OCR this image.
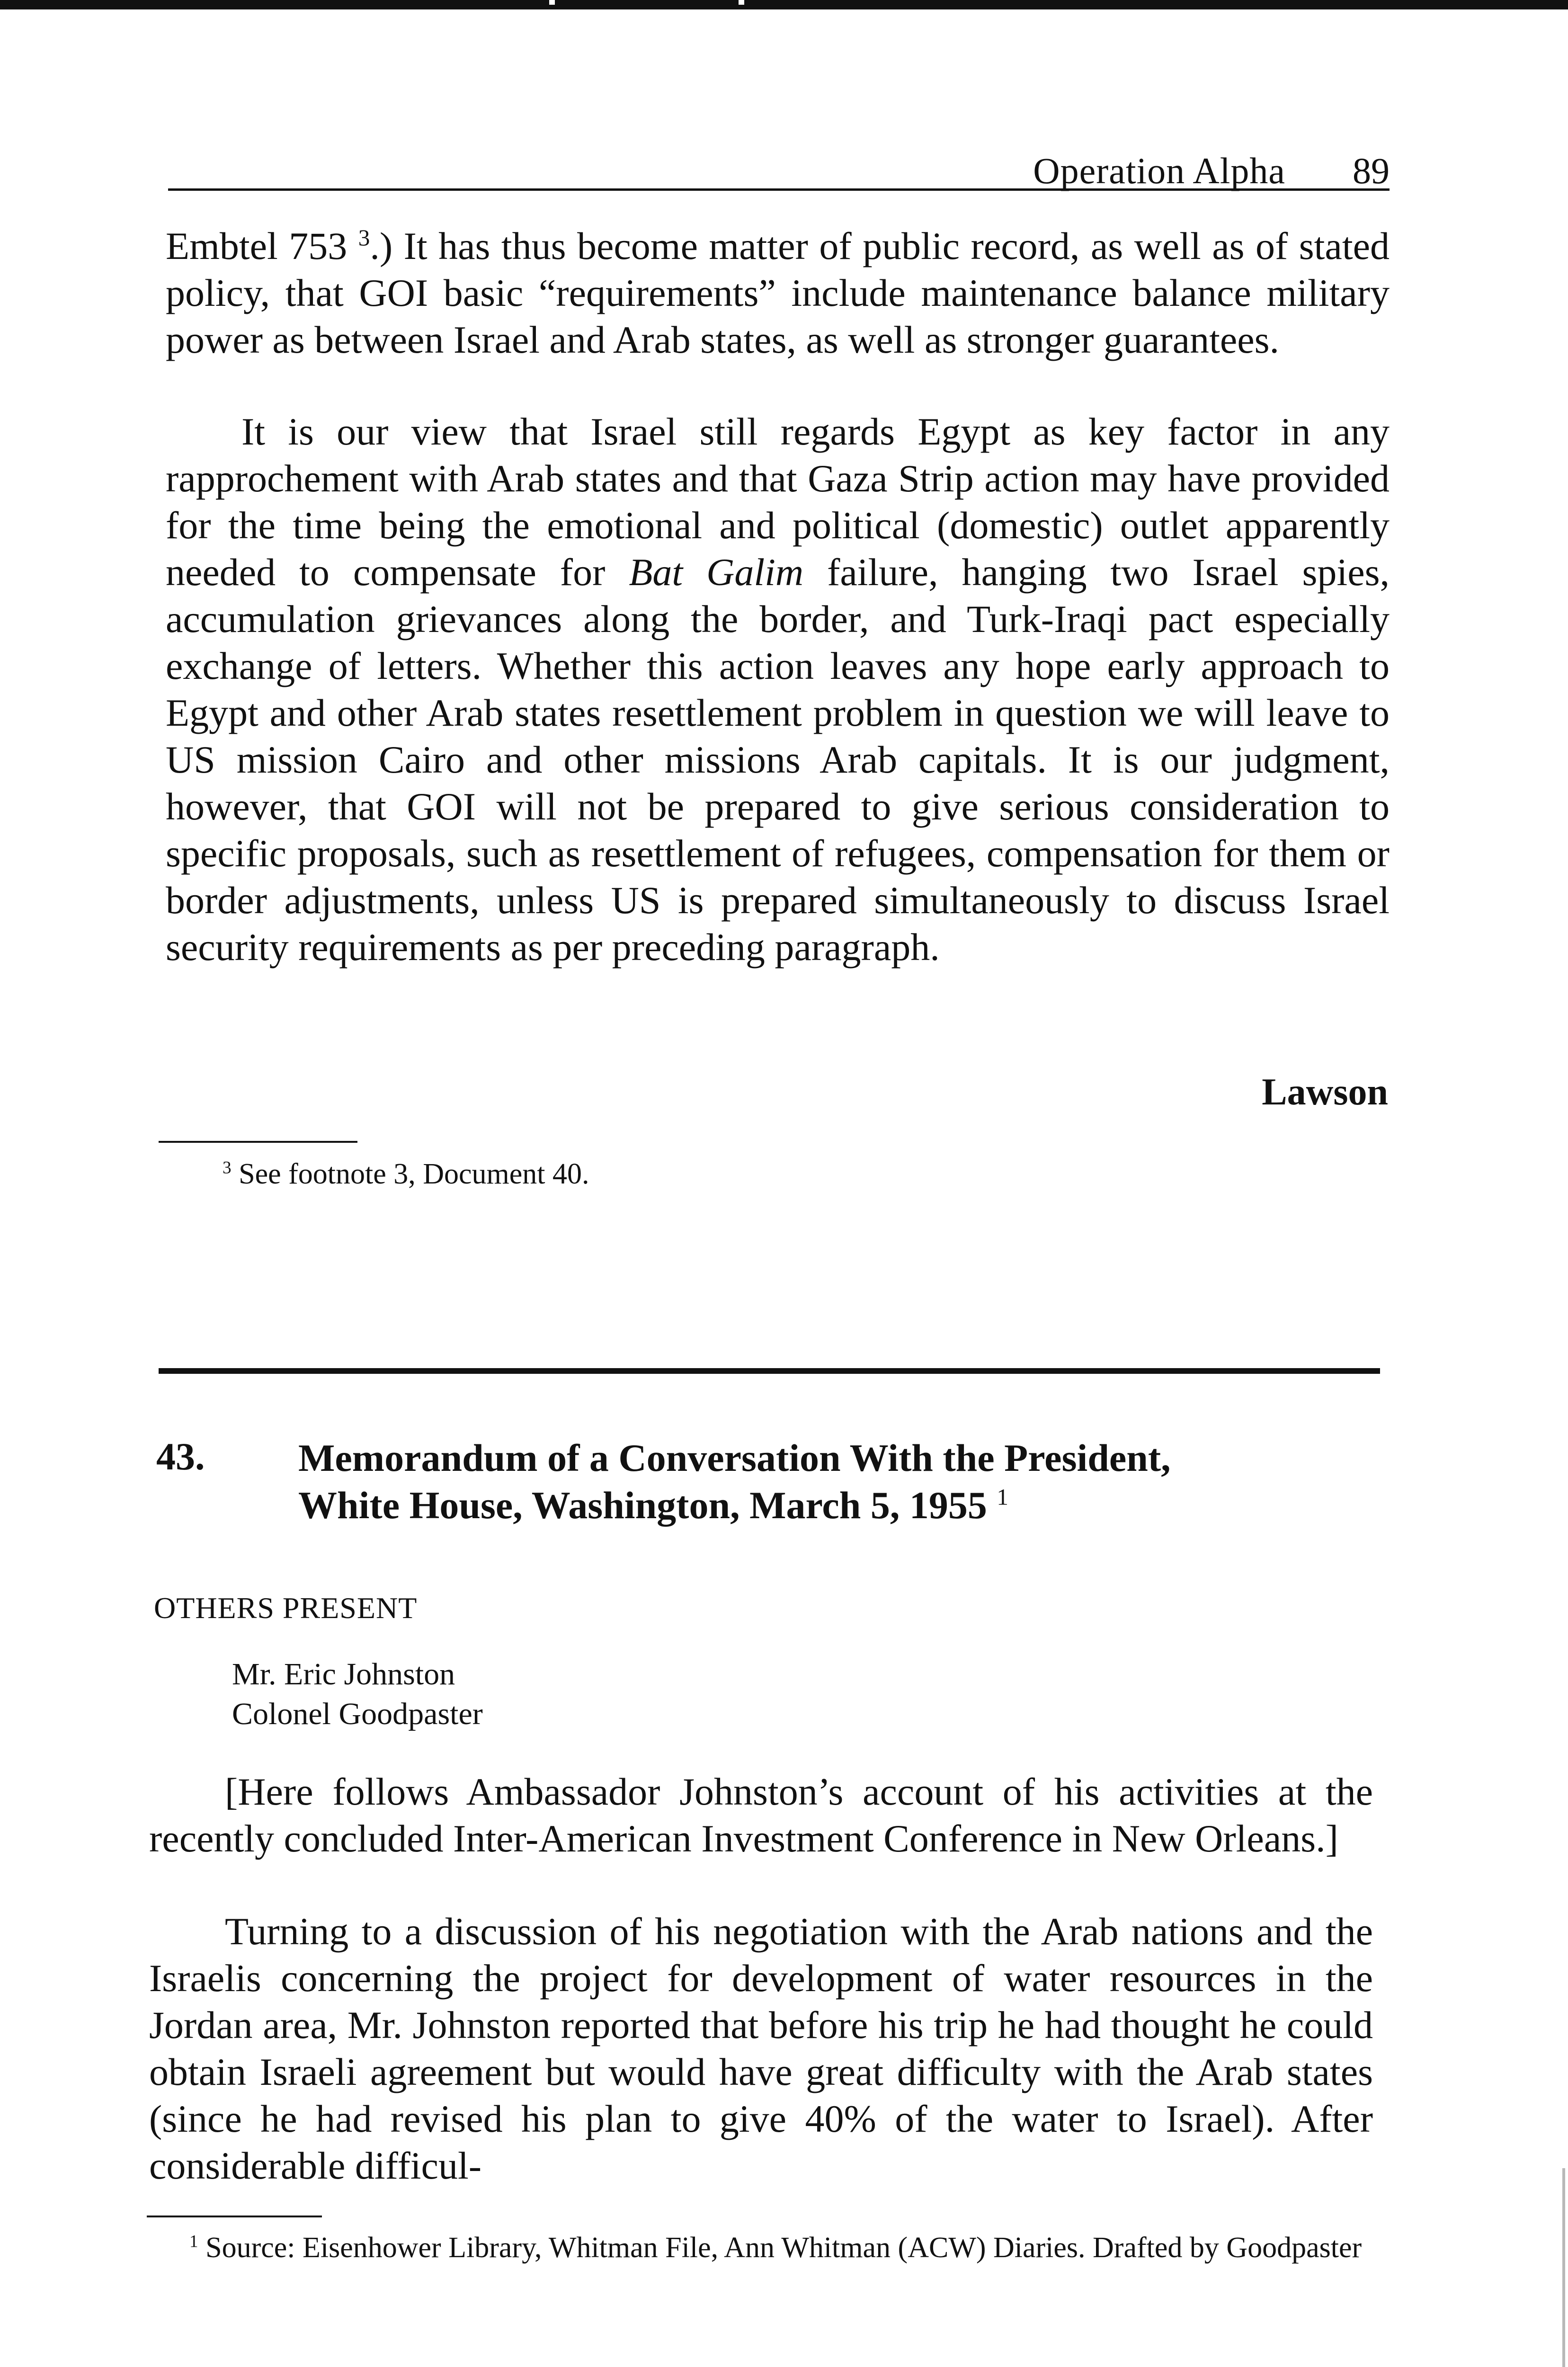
Operation Alpha 89

Embtel 753 $^3$.) It has thus become matter of public record, as well as of stated policy, that GOI basic “requirements” include maintenance balance military power as between Israel and Arab states, as well as stronger guarantees.

It is our view that Israel still regards Egypt as key factor in any rapprochement with Arab states and that Gaza Strip action may have provided for the time being the emotional and political (domestic) outlet apparently needed to compensate for Bat Galim failure, hanging two Israel spies, accumulation grievances along the border, and Turk-Iraqi pact especially exchange of letters. Whether this action leaves any hope early approach to Egypt and other Arab states resettlement problem in question we will leave to US mission Cairo and other missions Arab capitals. It is our judgment, however, that GOI will not be prepared to give serious consideration to specific proposals, such as resettlement of refugees, compensation for them or border adjustments, unless US is prepared simultaneously to discuss Israel security requirements as per preceding paragraph.

Lawson
$^3$ See footnote 3, Document 40.
43. Memorandum of a Conversation With the President,
White House, Washington, March 5, 1955 $^1$
OTHERS PRESENT
Mr. Eric Johnston
Colonel Goodpaster

[Here follows Ambassador Johnston’s account of his activities at the recently concluded Inter-American Investment Conference in New Orleans.]

Turning to a discussion of his negotiation with the Arab nations and the Israelis concerning the project for development of water resources in the Jordan area, Mr. Johnston reported that before his trip he had thought he could obtain Israeli agreement but would have great difficulty with the Arab states (since he had revised his plan to give 40% of the water to Israel). After considerable difficul-

$^1$ Source: Eisenhower Library, Whitman File, Ann Whitman (ACW) Diaries. Drafted by Goodpaster
